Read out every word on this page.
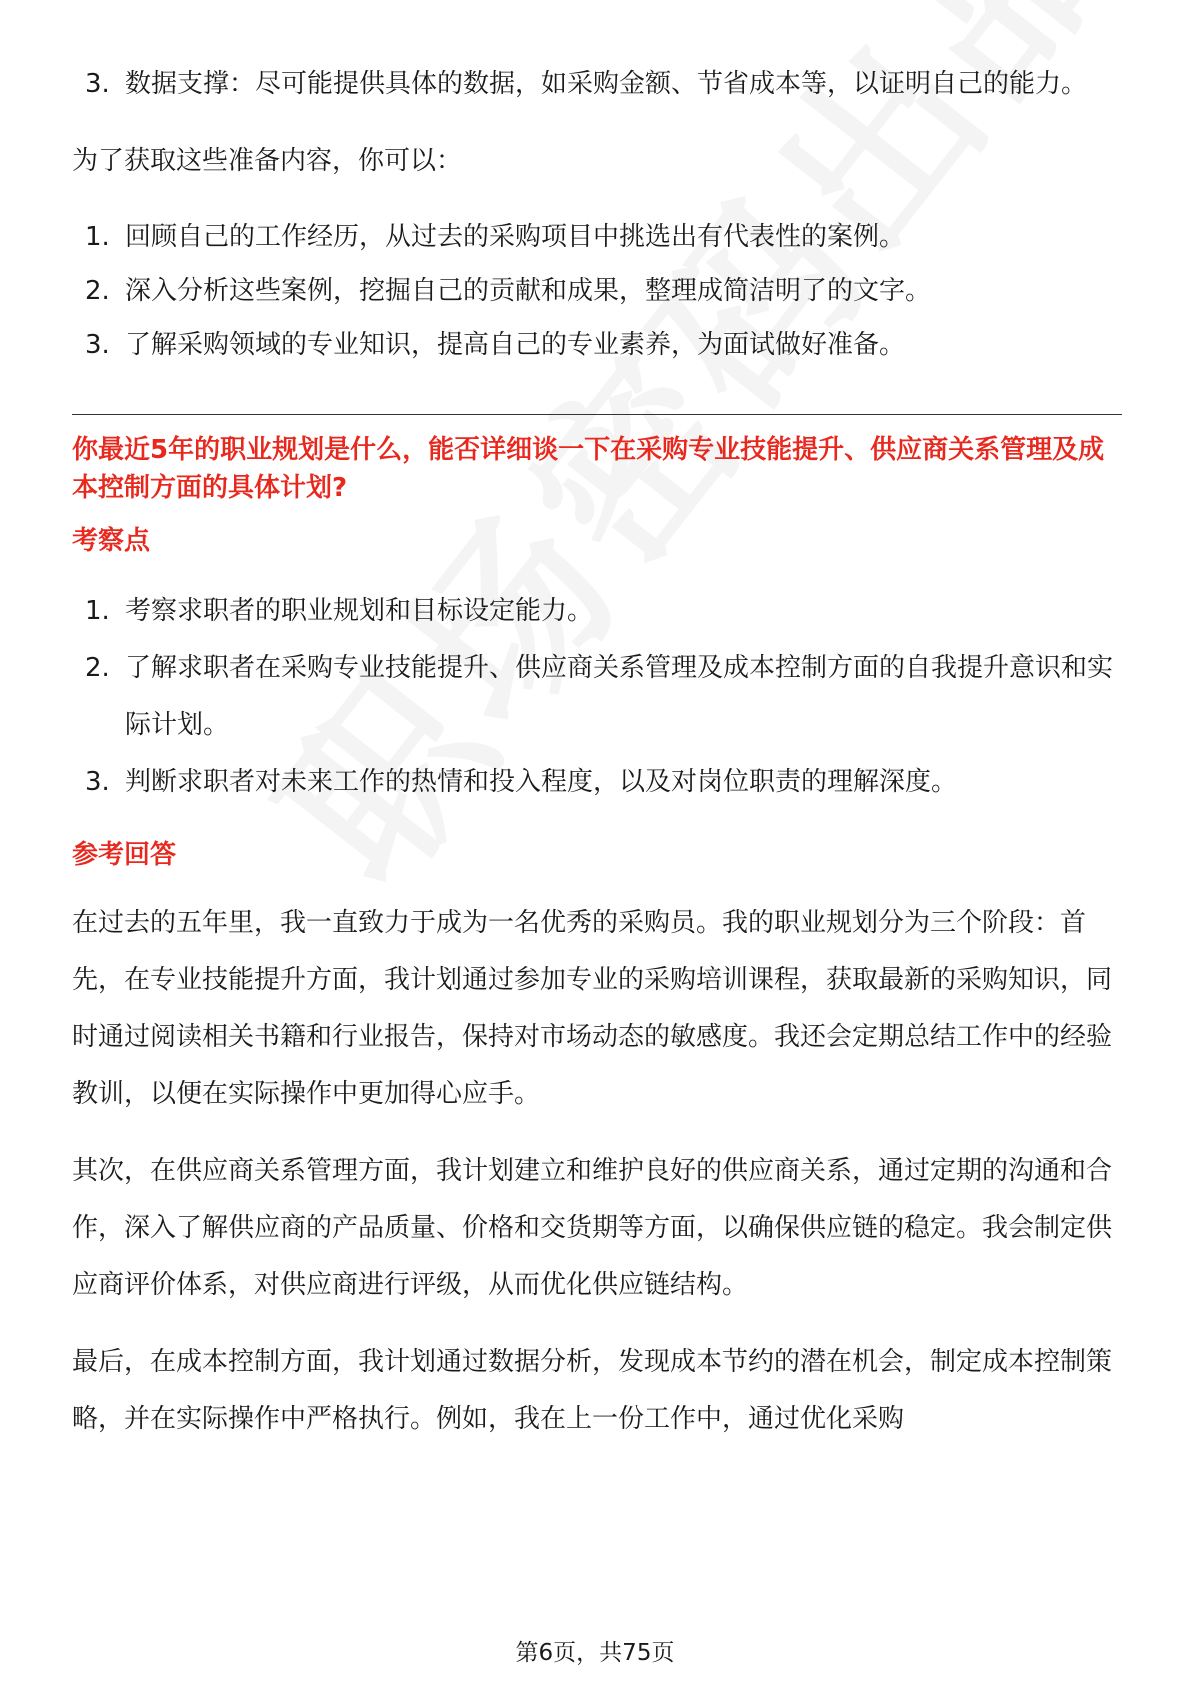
3. 数据支撑：尽可能提供具体的数据，如采购金额、节省成本等，以证明自己的能力。

为了获取这些准备内容，你可以：

1. 回顾自己的工作经历，从过去的采购项目中挑选出有代表性的案例。
2. 深入分析这些案例，挖掘自己的贡献和成果，整理成简洁明了的文字。
3. 了解采购领域的专业知识，提高自己的专业素养，为面试做好准备。

你最近5年的职业规划是什么，能否详细谈一下在采购专业技能提升、供应商关系管理及成本控制方面的具体计划?

考察点

1. 考察求职者的职业规划和目标设定能力。
2. 了解求职者在采购专业技能提升、供应商关系管理及成本控制方面的自我提升意识和实际计划。
3. 判断求职者对未来工作的热情和投入程度，以及对岗位职责的理解深度。

参考回答

在过去的五年里，我一直致力于成为一名优秀的采购员。我的职业规划分为三个阶段：首先，在专业技能提升方面，我计划通过参加专业的采购培训课程，获取最新的采购知识，同时通过阅读相关书籍和行业报告，保持对市场动态的敏感度。我还会定期总结工作中的经验教训，以便在实际操作中更加得心应手。

其次，在供应商关系管理方面，我计划建立和维护良好的供应商关系，通过定期的沟通和合作，深入了解供应商的产品质量、价格和交货期等方面，以确保供应链的稳定。我会制定供应商评价体系，对供应商进行评级，从而优化供应链结构。

最后，在成本控制方面，我计划通过数据分析，发现成本节约的潜在机会，制定成本控制策略，并在实际操作中严格执行。例如，我在上一份工作中，通过优化采购

第6页，共75页
